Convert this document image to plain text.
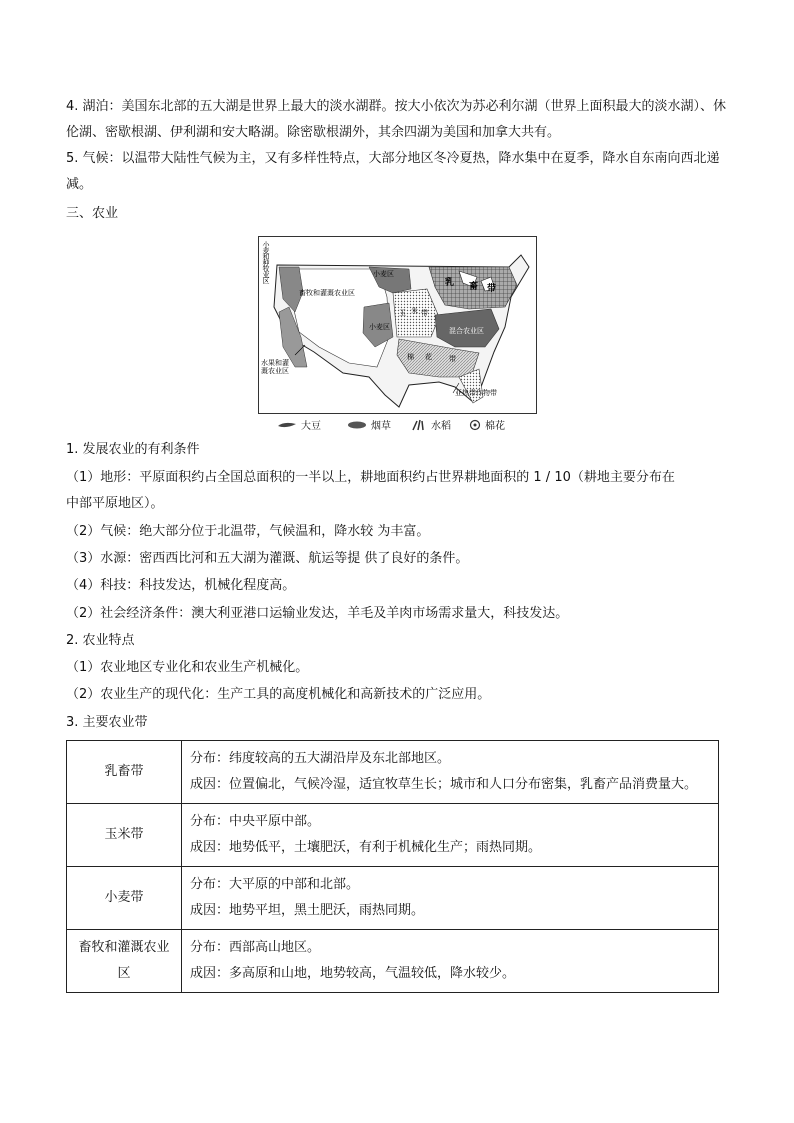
4. 湖泊：美国东北部的五大湖是世界上最大的淡水湖群。按大小依次为苏必利尔湖（世界上面积最大的淡水湖）、休伦湖、密歇根湖、伊利湖和安大略湖。除密歇根湖外，其余四湖为美国和加拿大共有。

5. 气候：以温带大陆性气候为主，又有多样性特点，大部分地区冬冷夏热，降水集中在夏季，降水自东南向西北递减。

三、农业

小麦和种牧业区
畜牧和灌溉农业区
小麦区
小麦区
水果和灌溉农业区
亚热带作物带
乳 畜 带
玉 米 带
混合农业区
棉 花 带
大豆	烟草	水稻	棉花

1. 发展农业的有利条件

（1）地形：平原面积约占全国总面积的一半以上，耕地面积约占世界耕地面积的 1 / 10（耕地主要分布在

中部平原地区）。

（2）气候：绝大部分位于北温带，气候温和，降水较 为丰富。

（3）水源：密西西比河和五大湖为灌溉、航运等提 供了良好的条件。

（4）科技：科技发达，机械化程度高。

（2）社会经济条件：澳大利亚港口运输业发达，羊毛及羊肉市场需求量大，科技发达。

2. 农业特点

（1）农业地区专业化和农业生产机械化。

（2）农业生产的现代化：生产工具的高度机械化和高新技术的广泛应用。

3. 主要农业带

乳畜带	分布：纬度较高的五大湖沿岸及东北部地区。
成因：位置偏北，气候冷湿，适宜牧草生长；城市和人口分布密集，乳畜产品消费量大。

玉米带	分布：中央平原中部。
成因：地势低平，土壤肥沃，有利于机械化生产；雨热同期。

小麦带	分布：大平原的中部和北部。
成因：地势平坦，黑土肥沃，雨热同期。

畜牧和灌溉农业区	分布：西部高山地区。
成因：多高原和山地，地势较高，气温较低，降水较少。
